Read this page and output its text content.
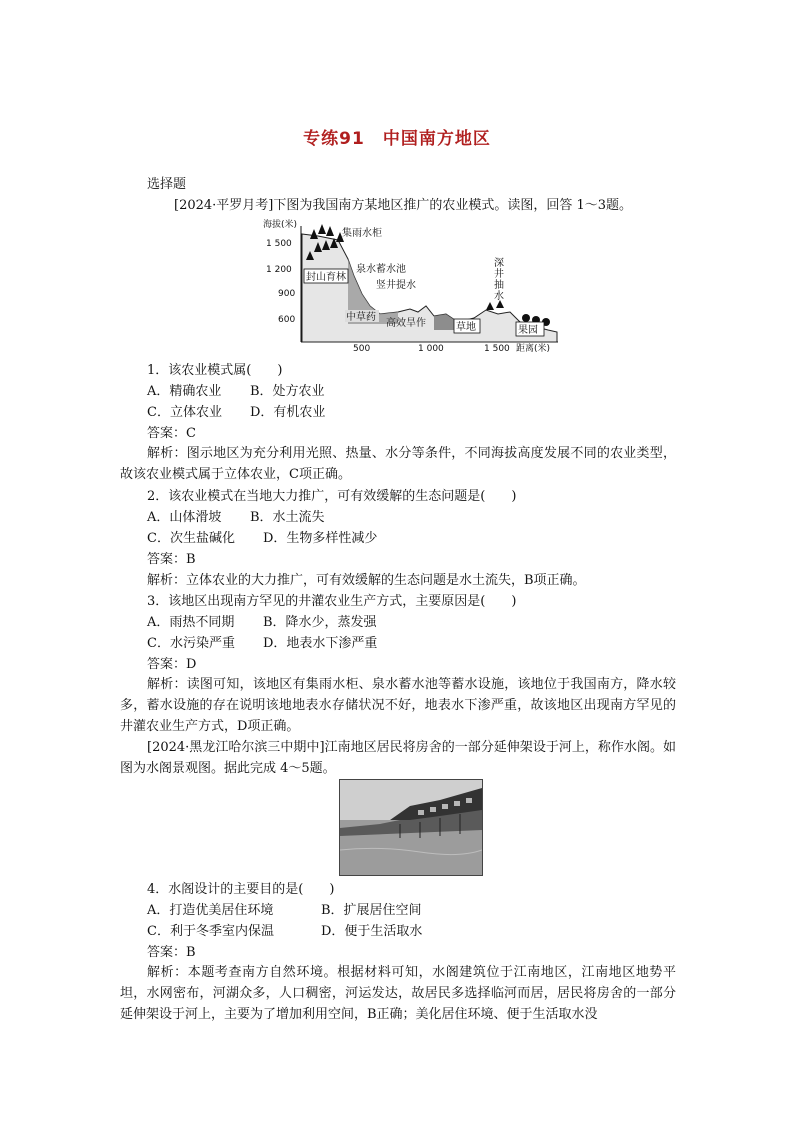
专练91　中国南方地区
选择题
[2024·平罗月考]下图为我国南方某地区推广的农业模式。读图，回答 1～3题。
海拔(米)
1 500
1 200
900
600
500	1 000	1 500 距离(米)
集雨水柜
封山育林
泉水蓄水池
竖井提水
中草药
高效旱作	草地	果园
深
井
抽
水
1．该农业模式属(　　)
A．精确农业 B．处方农业
C．立体农业 D．有机农业
答案：C
解析：图示地区为充分利用光照、热量、水分等条件，不同海拔高度发展不同的农业类型，故该农业模式属于立体农业，C项正确。
2．该农业模式在当地大力推广，可有效缓解的生态问题是(　　)
A．山体滑坡 B．水土流失
C．次生盐碱化 D．生物多样性减少
答案：B
解析：立体农业的大力推广，可有效缓解的生态问题是水土流失，B项正确。
3．该地区出现南方罕见的井灌农业生产方式，主要原因是(　　)
A．雨热不同期 B．降水少，蒸发强
C．水污染严重 D．地表水下渗严重
答案：D
解析：读图可知，该地区有集雨水柜、泉水蓄水池等蓄水设施，该地位于我国南方，降水较多，蓄水设施的存在说明该地地表水存储状况不好，地表水下渗严重，故该地区出现南方罕见的井灌农业生产方式，D项正确。
[2024·黑龙江哈尔滨三中期中]江南地区居民将房舍的一部分延伸架设于河上，称作水阁。如图为水阁景观图。据此完成 4～5题。
4．水阁设计的主要目的是(　　)
A．打造优美居住环境	B．扩展居住空间
C．利于冬季室内保温	D．便于生活取水
答案：B
解析：本题考查南方自然环境。根据材料可知，水阁建筑位于江南地区，江南地区地势平坦，水网密布，河湖众多，人口稠密，河运发达，故居民多选择临河而居，居民将房舍的一部分延伸架设于河上，主要为了增加利用空间，B正确；美化居住环境、便于生活取水没
